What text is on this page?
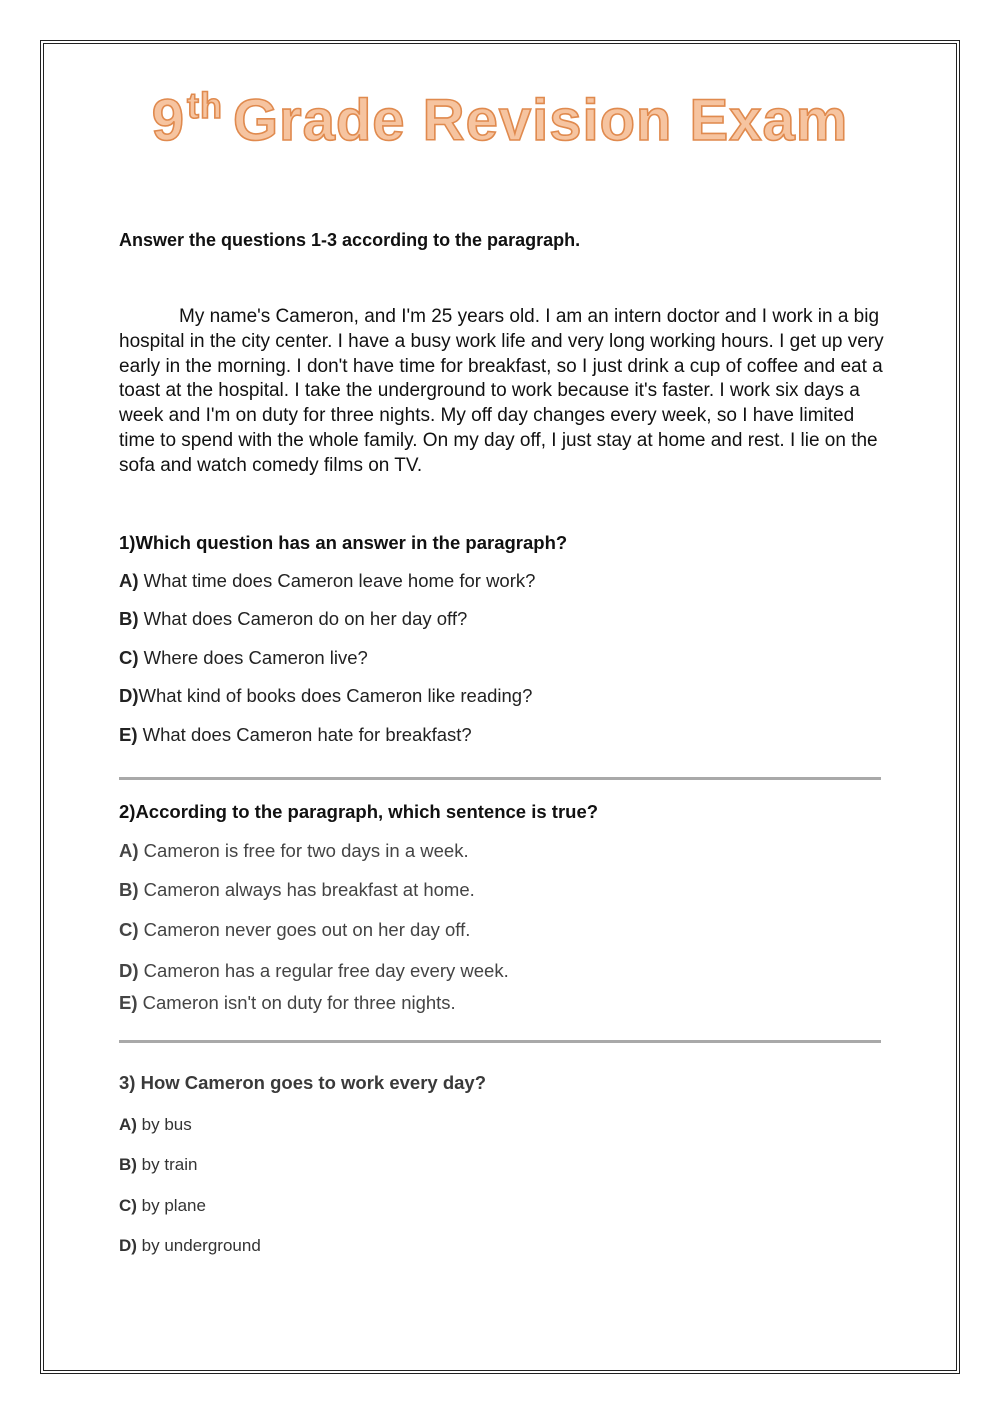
9th Grade Revision Exam
Answer the questions 1-3 according to the paragraph.
My name's Cameron, and I'm 25 years old. I am an intern doctor and I work in a big hospital in the city center. I have a busy work life and very long working hours. I get up very early in the morning. I don't have time for breakfast, so I just drink a cup of coffee and eat a toast at the hospital. I take the underground to work because it's faster. I work six days a week and I'm on duty for three nights. My off day changes every week, so I have limited time to spend with the whole family. On my day off, I just stay at home and rest. I lie on the sofa and watch comedy films on TV.
1)Which question has an answer in the paragraph?
A) What time does Cameron leave home for work?
B) What does Cameron do on her day off?
C) Where does Cameron live?
D)What kind of books does Cameron like reading?
E) What does Cameron hate for breakfast?
2)According to the paragraph, which sentence is true?
A) Cameron is free for two days in a week.
B) Cameron always has breakfast at home.
C) Cameron never goes out on her day off.
D) Cameron has a regular free day every week.
E) Cameron isn't on duty for three nights.
3) How Cameron goes to work every day?
A) by bus
B) by train
C) by plane
D) by underground
